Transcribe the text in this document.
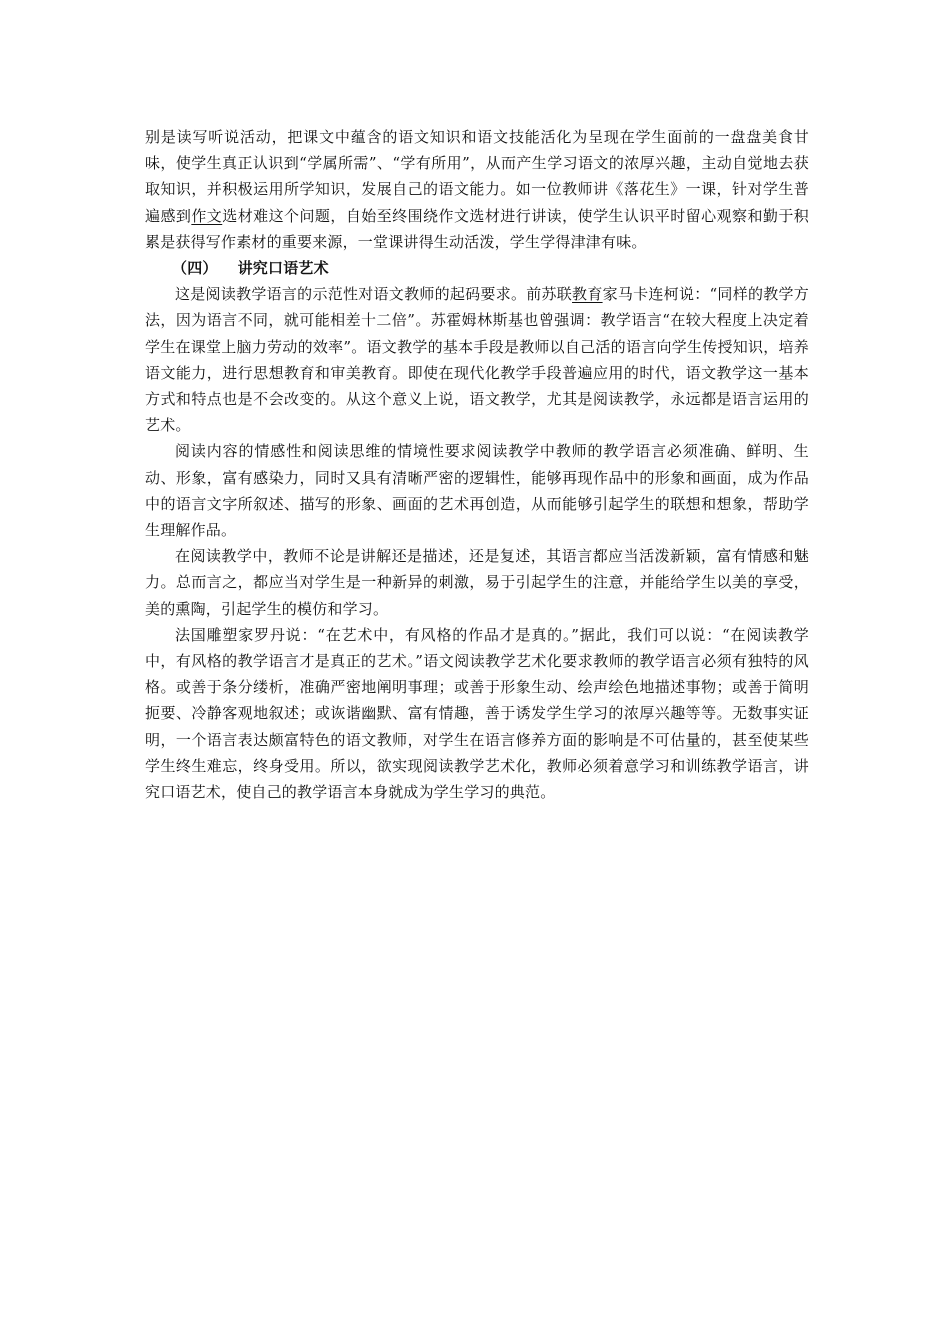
别是读写听说活动，把课文中蕴含的语文知识和语文技能活化为呈现在学生面前的一盘盘美食甘味，使学生真正认识到“学属所需”、“学有所用”，从而产生学习语文的浓厚兴趣，主动自觉地去获取知识，并积极运用所学知识，发展自己的语文能力。如一位教师讲《落花生》一课，针对学生普遍感到作文选材难这个问题，自始至终围绕作文选材进行讲读，使学生认识平时留心观察和勤于积累是获得写作素材的重要来源，一堂课讲得生动活泼，学生学得津津有味。

（四） 讲究口语艺术

这是阅读教学语言的示范性对语文教师的起码要求。前苏联教育家马卡连柯说：“同样的教学方法，因为语言不同，就可能相差十二倍”。苏霍姆林斯基也曾强调：教学语言“在较大程度上决定着学生在课堂上脑力劳动的效率”。语文教学的基本手段是教师以自己活的语言向学生传授知识，培养语文能力，进行思想教育和审美教育。即使在现代化教学手段普遍应用的时代，语文教学这一基本方式和特点也是不会改变的。从这个意义上说，语文教学，尤其是阅读教学，永远都是语言运用的艺术。

阅读内容的情感性和阅读思维的情境性要求阅读教学中教师的教学语言必须准确、鲜明、生动、形象，富有感染力，同时又具有清晰严密的逻辑性，能够再现作品中的形象和画面，成为作品中的语言文字所叙述、描写的形象、画面的艺术再创造，从而能够引起学生的联想和想象，帮助学生理解作品。

在阅读教学中，教师不论是讲解还是描述，还是复述，其语言都应当活泼新颖，富有情感和魅力。总而言之，都应当对学生是一种新异的刺激，易于引起学生的注意，并能给学生以美的享受，美的熏陶，引起学生的模仿和学习。

法国雕塑家罗丹说：“在艺术中，有风格的作品才是真的。”据此，我们可以说：“在阅读教学中，有风格的教学语言才是真正的艺术。”语文阅读教学艺术化要求教师的教学语言必须有独特的风格。或善于条分缕析，准确严密地阐明事理；或善于形象生动、绘声绘色地描述事物；或善于简明扼要、冷静客观地叙述；或诙谐幽默、富有情趣，善于诱发学生学习的浓厚兴趣等等。无数事实证明，一个语言表达颇富特色的语文教师，对学生在语言修养方面的影响是不可估量的，甚至使某些学生终生难忘，终身受用。所以，欲实现阅读教学艺术化，教师必须着意学习和训练教学语言，讲究口语艺术，使自己的教学语言本身就成为学生学习的典范。
